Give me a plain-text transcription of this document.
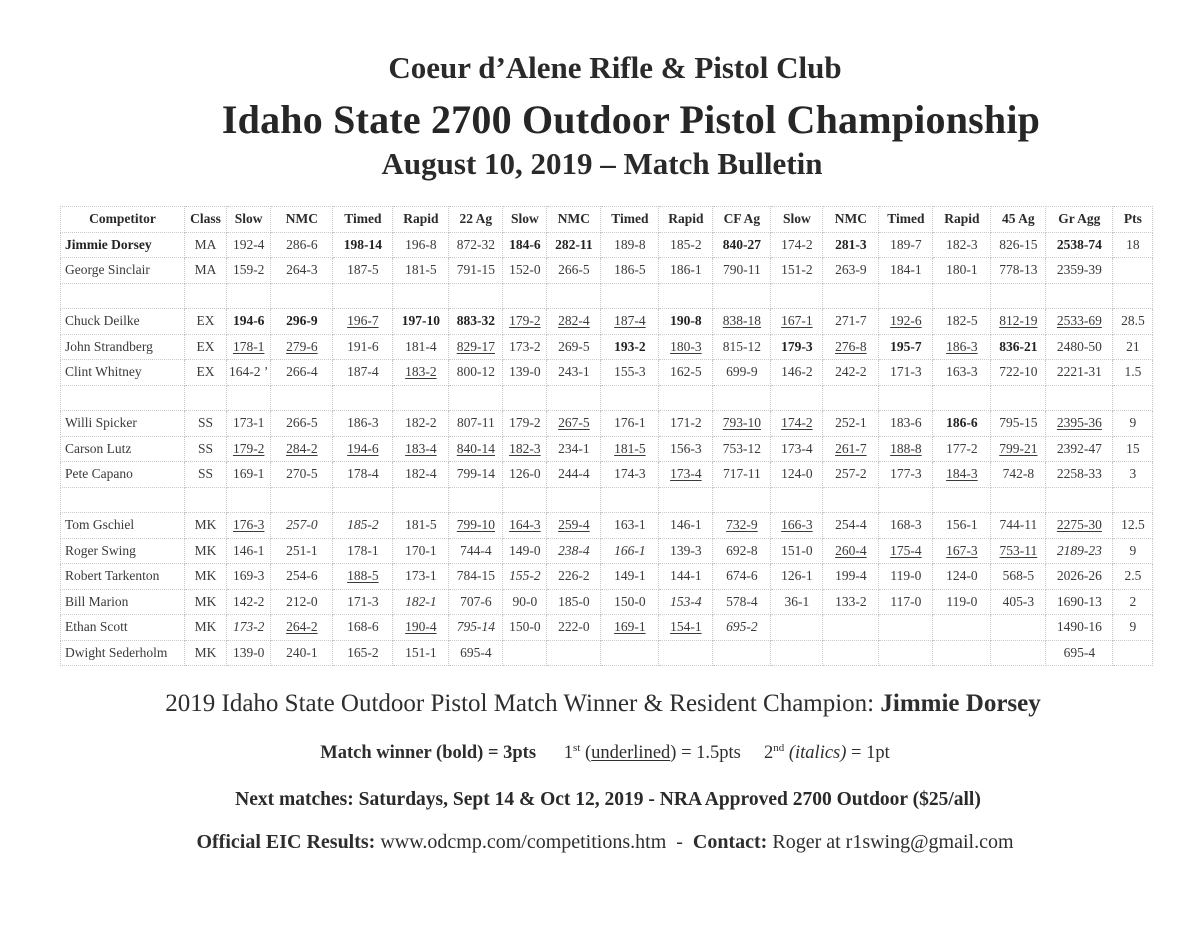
Coeur d’Alene Rifle & Pistol Club
Idaho State 2700 Outdoor Pistol Championship
August 10, 2019 – Match Bulletin
Competitor	Class	Slow	NMC	Timed	Rapid	22 Ag	Slow	NMC	Timed	Rapid	CF Ag	Slow	NMC	Timed	Rapid	45 Ag	Gr Agg	Pts
Jimmie Dorsey	MA	192-4	286-6	198-14	196-8	872-32	184-6	282-11	189-8	185-2	840-27	174-2	281-3	189-7	182-3	826-15	2538-74	18
George Sinclair	MA	159-2	264-3	187-5	181-5	791-15	152-0	266-5	186-5	186-1	790-11	151-2	263-9	184-1	180-1	778-13	2359-39	

Chuck Deilke	EX	194-6	296-9	196-7	197-10	883-32	179-2	282-4	187-4	190-8	838-18	167-1	271-7	192-6	182-5	812-19	2533-69	28.5
John Strandberg	EX	178-1	279-6	191-6	181-4	829-17	173-2	269-5	193-2	180-3	815-12	179-3	276-8	195-7	186-3	836-21	2480-50	21
Clint Whitney	EX	164-2 ’	266-4	187-4	183-2	800-12	139-0	243-1	155-3	162-5	699-9	146-2	242-2	171-3	163-3	722-10	2221-31	1.5

Willi Spicker	SS	173-1	266-5	186-3	182-2	807-11	179-2	267-5	176-1	171-2	793-10	174-2	252-1	183-6	186-6	795-15	2395-36	9
Carson Lutz	SS	179-2	284-2	194-6	183-4	840-14	182-3	234-1	181-5	156-3	753-12	173-4	261-7	188-8	177-2	799-21	2392-47	15
Pete Capano	SS	169-1	270-5	178-4	182-4	799-14	126-0	244-4	174-3	173-4	717-11	124-0	257-2	177-3	184-3	742-8	2258-33	3

Tom Gschiel	MK	176-3	257-0	185-2	181-5	799-10	164-3	259-4	163-1	146-1	732-9	166-3	254-4	168-3	156-1	744-11	2275-30	12.5
Roger Swing	MK	146-1	251-1	178-1	170-1	744-4	149-0	238-4	166-1	139-3	692-8	151-0	260-4	175-4	167-3	753-11	2189-23	9
Robert Tarkenton	MK	169-3	254-6	188-5	173-1	784-15	155-2	226-2	149-1	144-1	674-6	126-1	199-4	119-0	124-0	568-5	2026-26	2.5
Bill Marion	MK	142-2	212-0	171-3	182-1	707-6	90-0	185-0	150-0	153-4	578-4	36-1	133-2	117-0	119-0	405-3	1690-13	2
Ethan Scott	MK	173-2	264-2	168-6	190-4	795-14	150-0	222-0	169-1	154-1	695-2						1490-16	9
Dwight Sederholm	MK	139-0	240-1	165-2	151-1	695-4											695-4	
2019 Idaho State Outdoor Pistol Match Winner & Resident Champion: Jimmie Dorsey
Match winner (bold) = 3pts 1st (underlined) = 1.5pts 2nd (italics) = 1pt
Next matches: Saturdays, Sept 14 & Oct 12, 2019 - NRA Approved 2700 Outdoor ($25/all)
Official EIC Results: www.odcmp.com/competitions.htm  -  Contact: Roger at r1swing@gmail.com
